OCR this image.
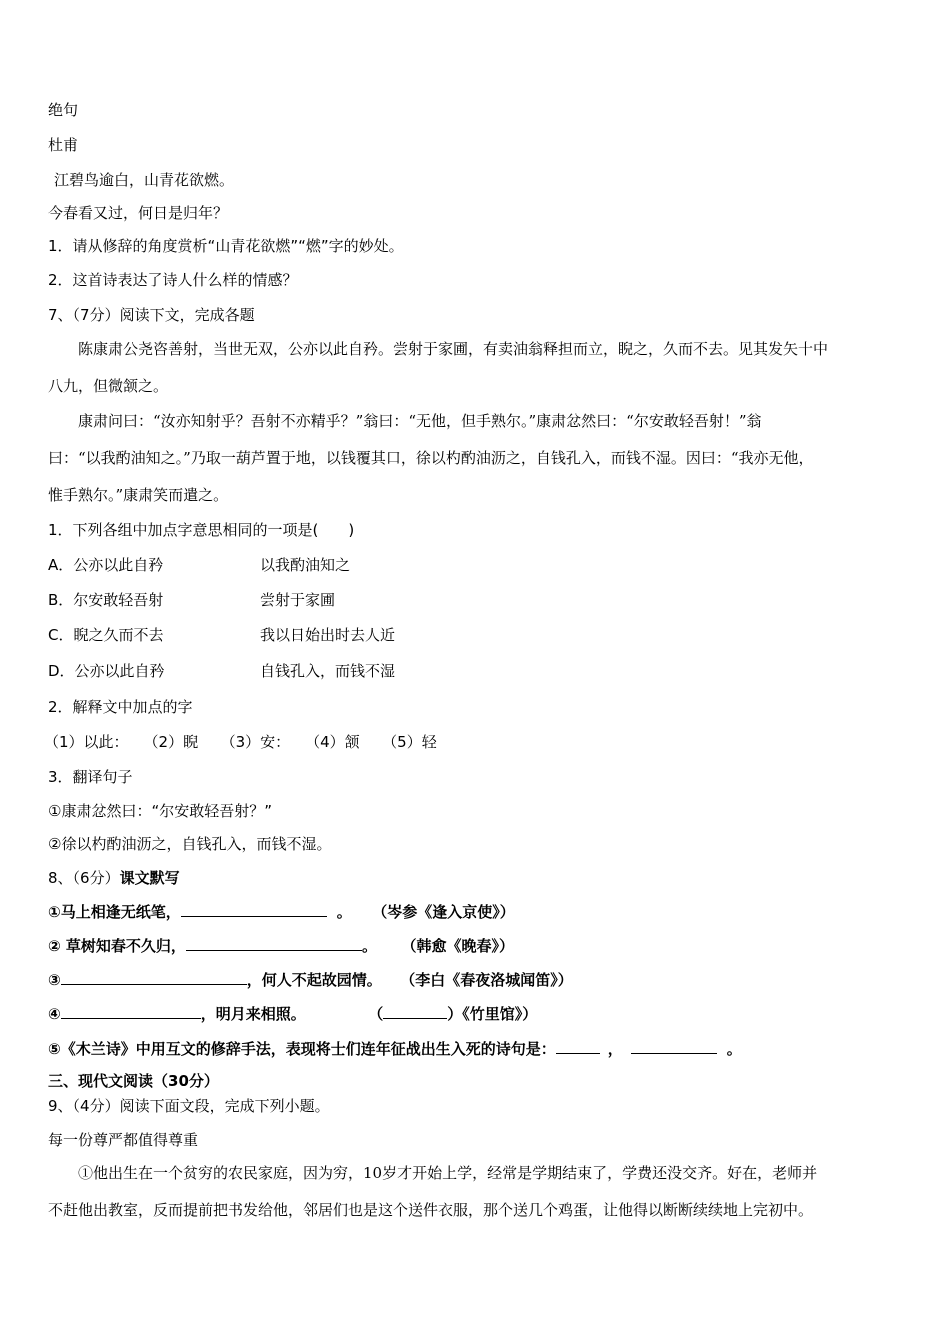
绝句
杜甫
江碧鸟逾白，山青花欲燃。
今春看又过，何日是归年？
1．请从修辞的角度赏析“山青花欲燃”“燃”字的妙处。
2．这首诗表达了诗人什么样的情感？
7、（7分）阅读下文，完成各题
陈康肃公尧咨善射，当世无双，公亦以此自矜。尝射于家圃，有卖油翁释担而立，睨之，久而不去。见其发矢十中
八九，但微颔之。
康肃问曰：“汝亦知射乎？吾射不亦精乎？”翁曰：“无他，但手熟尔。”康肃忿然曰：“尔安敢轻吾射！”翁
曰：“以我酌油知之。”乃取一葫芦置于地，以钱覆其口，徐以杓酌油沥之，自钱孔入，而钱不湿。因曰：“我亦无他，
惟手熟尔。”康肃笑而遣之。
1．下列各组中加点字意思相同的一项是(　　)
A．公亦以此自矜	以我酌油知之
B．尔安敢轻吾射	尝射于家圃
C．睨之久而不去	我以日始出时去人近
D．公亦以此自矜	自钱孔入，而钱不湿
2．解释文中加点的字
（1）以此：　　（2）睨　　（3）安：　　（4）颔　　（5）轻
3．翻译句子
①康肃忿然曰：“尔安敢轻吾射？”
②徐以杓酌油沥之，自钱孔入，而钱不湿。
8、（6分）课文默写
①马上相逢无纸笔，	。 （岑参《逢入京使》）
② 草树知春不久归，	。 （韩愈《晚春》）
③	，何人不起故园情。 （李白《春夜洛城闻笛》）
④	，明月来相照。	（	）《竹里馆》）
⑤《木兰诗》中用互文的修辞手法，表现将士们连年征战出生入死的诗句是：	，	。
三、现代文阅读（30分）
9、（4分）阅读下面文段，完成下列小题。
每一份尊严都值得尊重
①他出生在一个贫穷的农民家庭，因为穷，10岁才开始上学，经常是学期结束了，学费还没交齐。好在，老师并
不赶他出教室，反而提前把书发给他，邻居们也是这个送件衣服，那个送几个鸡蛋，让他得以断断续续地上完初中。
